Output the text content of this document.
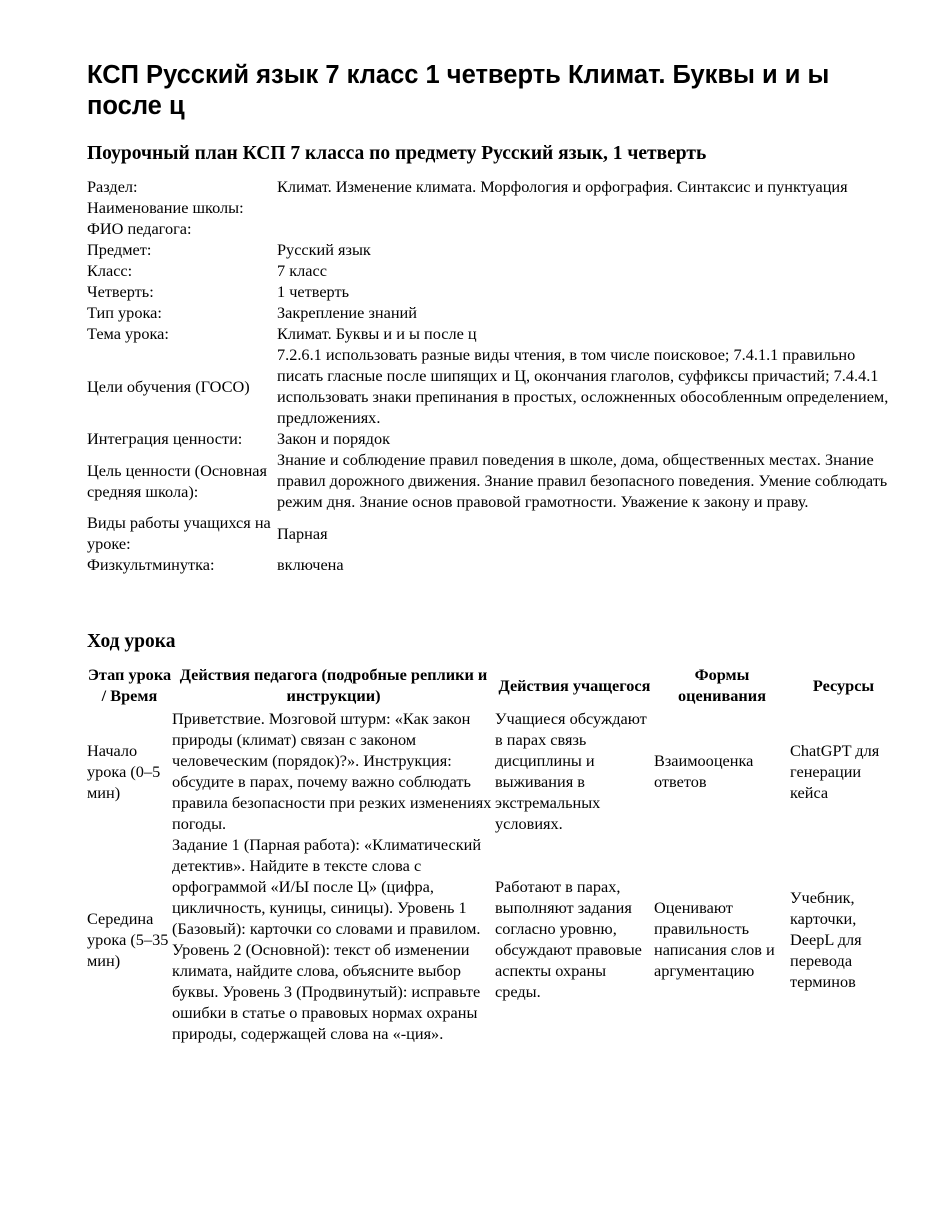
КСП Русский язык 7 класс 1 четверть Климат. Буквы и и ы после ц
Поурочный план КСП 7 класса по предмету Русский язык, 1 четверть
Раздел:	Климат. Изменение климата. Морфология и орфография. Синтаксис и пунктуация
Наименование школы:	
ФИО педагога:	
Предмет:	Русский язык
Класс:	7 класс
Четверть:	1 четверть
Тип урока:	Закрепление знаний
Тема урока:	Климат. Буквы и и ы после ц
Цели обучения (ГОСО)	7.2.6.1 использовать разные виды чтения, в том числе поисковое; 7.4.1.1 правильно писать гласные после шипящих и Ц, окончания глаголов, суффиксы причастий; 7.4.4.1 использовать знаки препинания в простых, осложненных обособленным определением, предложениях.
Интеграция ценности:	Закон и порядок
Цель ценности (Основная средняя школа):	Знание и соблюдение правил поведения в школе, дома, общественных местах. Знание правил дорожного движения. Знание правил безопасного поведения. Умение соблюдать режим дня. Знание основ правовой грамотности. Уважение к закону и праву.
Виды работы учащихся на уроке:	Парная
Физкультминутка:	включена
Ход урока
Этап урока / Время	Действия педагога (подробные реплики и инструкции)	Действия учащегося	Формы оценивания	Ресурсы
Начало урока (0–5 мин)	Приветствие. Мозговой штурм: «Как закон природы (климат) связан с законом человеческим (порядок)?». Инструкция: обсудите в парах, почему важно соблюдать правила безопасности при резких изменениях погоды.	Учащиеся обсуждают в парах связь дисциплины и выживания в экстремальных условиях.	Взаимооценка ответов	ChatGPT для генерации кейса
Середина урока (5–35 мин)	Задание 1 (Парная работа): «Климатический детектив». Найдите в тексте слова с орфограммой «И/Ы после Ц» (цифра, цикличность, куницы, синицы). Уровень 1 (Базовый): карточки со словами и правилом. Уровень 2 (Основной): текст об изменении климата, найдите слова, объясните выбор буквы. Уровень 3 (Продвинутый): исправьте ошибки в статье о правовых нормах охраны природы, содержащей слова на «-ция».	Работают в парах, выполняют задания согласно уровню, обсуждают правовые аспекты охраны среды.	Оценивают правильность написания слов и аргументацию	Учебник, карточки, DeepL для перевода терминов
